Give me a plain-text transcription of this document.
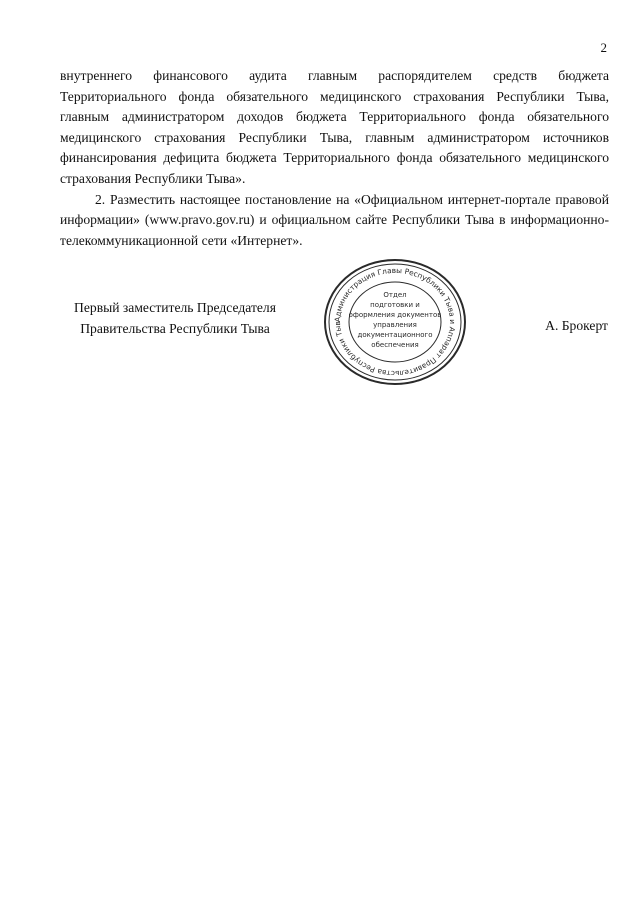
2

внутреннего финансового аудита главным распорядителем средств бюджета Территориального фонда обязательного медицинского страхования Республики Тыва, главным администратором доходов бюджета Территориального фонда обязательного медицинского страхования Республики Тыва, главным администратором источников финансирования дефицита бюджета Территориального фонда обязательного медицинского страхования Республики Тыва».

2. Разместить настоящее постановление на «Официальном интернет-портале правовой информации» (www.pravo.gov.ru) и официальном сайте Республики Тыва в информационно-телекоммуникационной сети «Интернет».

Первый заместитель Председателя
Правительства Республики Тыва
Администрация Главы Республики Тыва и Аппарат Правительства Республики Тыв
Отдел
подготовки и
оформления документов
управления
документационного
обеспечения
А. Брокерт
